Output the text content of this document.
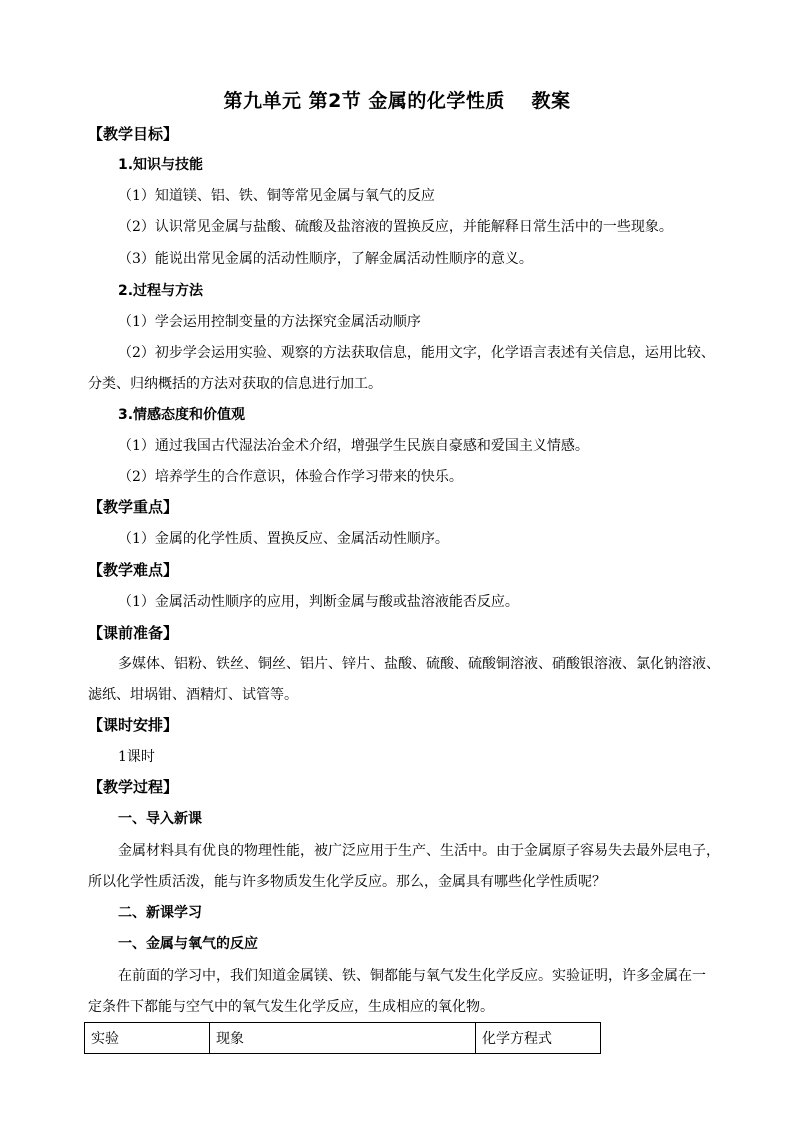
第九单元 第2节 金属的化学性质　 教案
【教学目标】
1.知识与技能
（1）知道镁、铝、铁、铜等常见金属与氧气的反应
（2）认识常见金属与盐酸、硫酸及盐溶液的置换反应，并能解释日常生活中的一些现象。
（3）能说出常见金属的活动性顺序，了解金属活动性顺序的意义。
2.过程与方法
（1）学会运用控制变量的方法探究金属活动顺序
（2）初步学会运用实验、观察的方法获取信息，能用文字，化学语言表述有关信息，运用比较、
分类、归纳概括的方法对获取的信息进行加工。
3.情感态度和价值观
（1）通过我国古代湿法冶金术介绍，增强学生民族自豪感和爱国主义情感。
（2）培养学生的合作意识，体验合作学习带来的快乐。
【教学重点】
（1）金属的化学性质、置换反应、金属活动性顺序。
【教学难点】
（1）金属活动性顺序的应用，判断金属与酸或盐溶液能否反应。
【课前准备】
多媒体、铝粉、铁丝、铜丝、铝片、锌片、盐酸、硫酸、硫酸铜溶液、硝酸银溶液、氯化钠溶液、
滤纸、坩埚钳、酒精灯、试管等。
【课时安排】
1课时
【教学过程】
一、导入新课
金属材料具有优良的物理性能，被广泛应用于生产、生活中。由于金属原子容易失去最外层电子，
所以化学性质活泼，能与许多物质发生化学反应。那么，金属具有哪些化学性质呢？
二、新课学习
一、金属与氧气的反应
在前面的学习中，我们知道金属镁、铁、铜都能与氧气发生化学反应。实验证明，许多金属在一
定条件下都能与空气中的氧气发生化学反应，生成相应的氧化物。
实验	现象	化学方程式
